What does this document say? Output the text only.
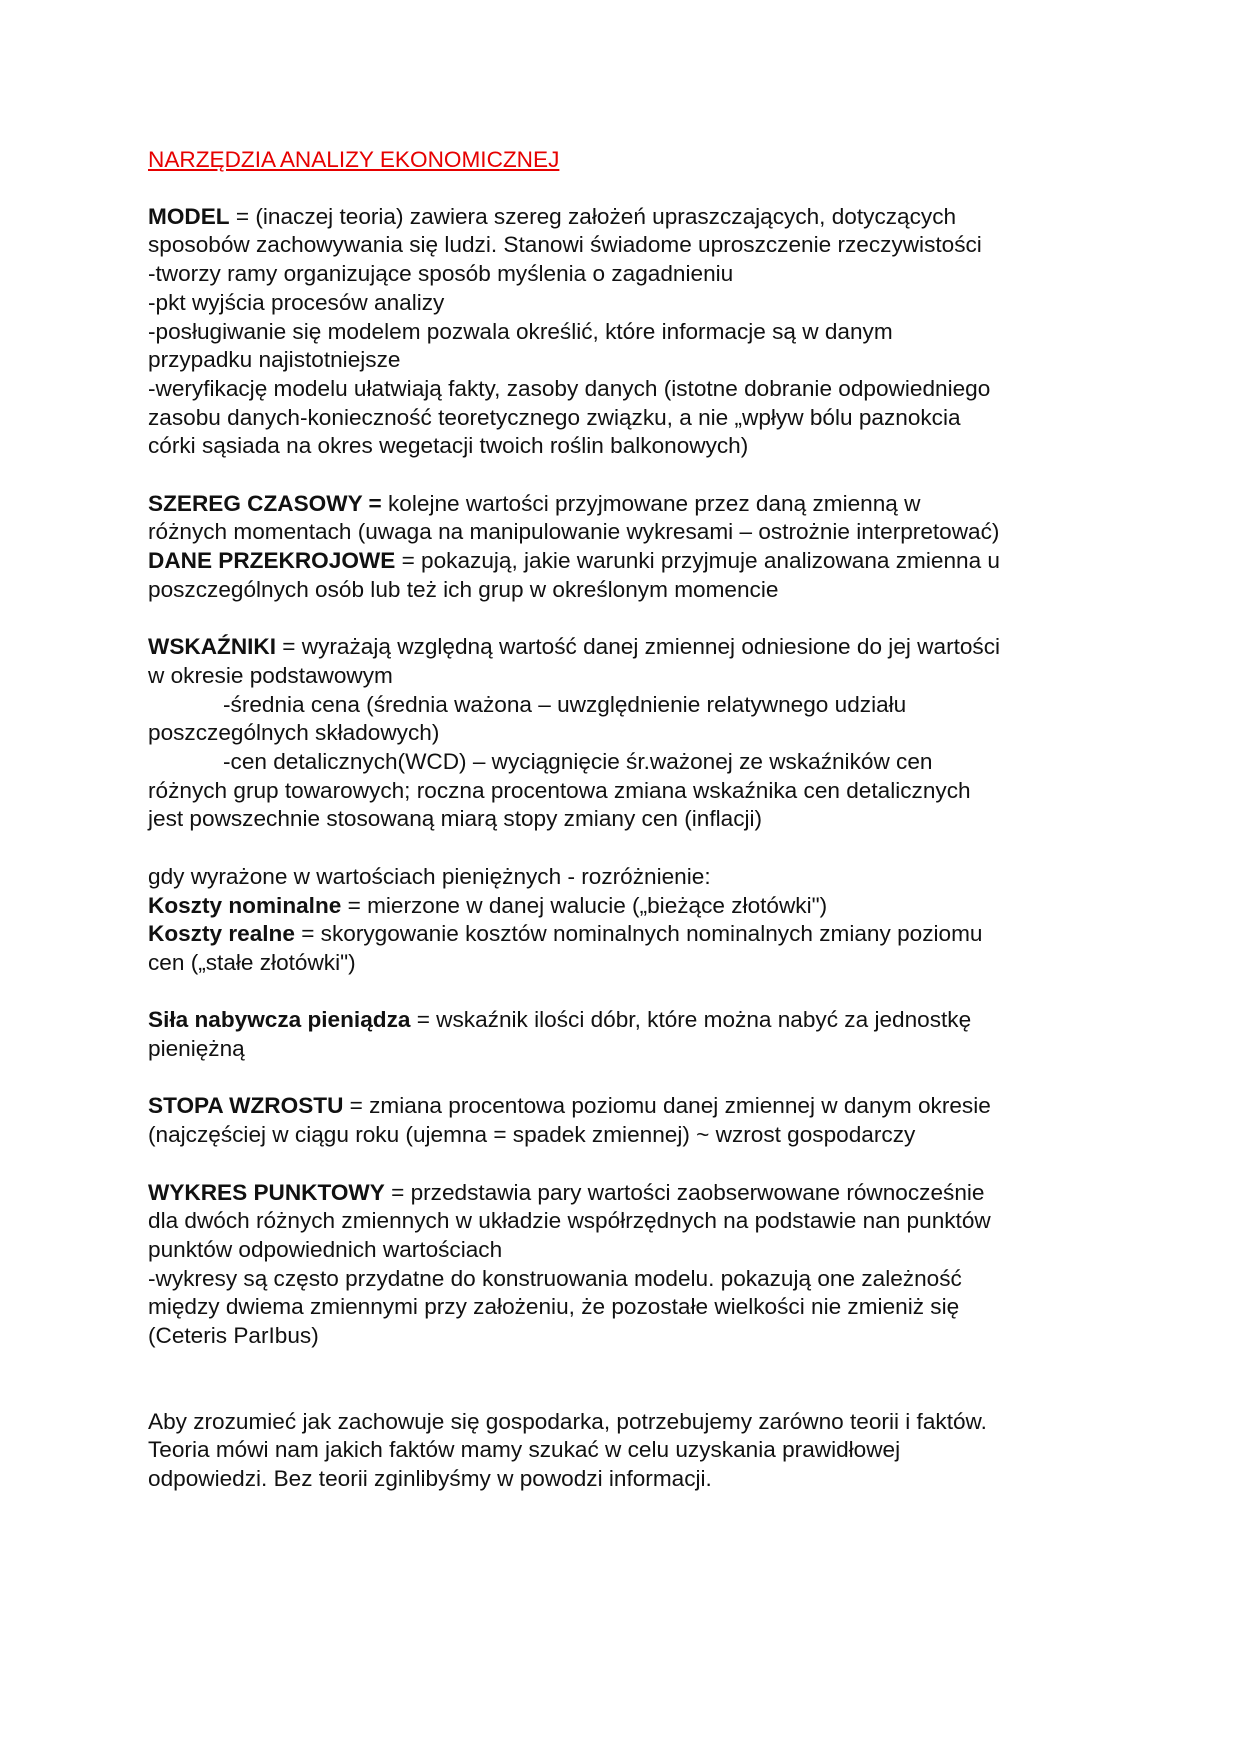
NARZĘDZIA ANALIZY EKONOMICZNEJ
MODEL = (inaczej teoria) zawiera szereg założeń upraszczających, dotyczących
sposobów zachowywania się ludzi. Stanowi świadome uproszczenie rzeczywistości
-tworzy ramy organizujące sposób myślenia o zagadnieniu
-pkt wyjścia procesów analizy
-posługiwanie się modelem pozwala określić, które informacje są w danym
przypadku najistotniejsze
-weryfikację modelu ułatwiają fakty, zasoby danych (istotne dobranie odpowiedniego
zasobu danych-konieczność teoretycznego związku, a nie „wpływ bólu paznokcia
córki sąsiada na okres wegetacji twoich roślin balkonowych)
SZEREG CZASOWY = kolejne wartości przyjmowane przez daną zmienną w
różnych momentach (uwaga na manipulowanie wykresami – ostrożnie interpretować)
DANE PRZEKROJOWE = pokazują, jakie warunki przyjmuje analizowana zmienna u
poszczególnych osób lub też ich grup w określonym momencie
WSKAŹNIKI = wyrażają względną wartość danej zmiennej odniesione do jej wartości
w okresie podstawowym
-średnia cena (średnia ważona – uwzględnienie relatywnego udziału
poszczególnych składowych)
-cen detalicznych(WCD) – wyciągnięcie śr.ważonej ze wskaźników cen
różnych grup towarowych; roczna procentowa zmiana wskaźnika cen detalicznych
jest powszechnie stosowaną miarą stopy zmiany cen (inflacji)
gdy wyrażone w wartościach pieniężnych - rozróżnienie:
Koszty nominalne = mierzone w danej walucie („bieżące złotówki")
Koszty realne = skorygowanie kosztów nominalnych nominalnych zmiany poziomu
cen („stałe złotówki")
Siła nabywcza pieniądza = wskaźnik ilości dóbr, które można nabyć za jednostkę
pieniężną
STOPA WZROSTU = zmiana procentowa poziomu danej zmiennej w danym okresie
(najczęściej w ciągu roku (ujemna = spadek zmiennej) ~ wzrost gospodarczy
WYKRES PUNKTOWY = przedstawia pary wartości zaobserwowane równocześnie
dla dwóch różnych zmiennych w układzie współrzędnych na podstawie nan punktów
punktów odpowiednich wartościach
-wykresy są często przydatne do konstruowania modelu. pokazują one zależność
między dwiema zmiennymi przy założeniu, że pozostałe wielkości nie zmieniż się
(Ceteris ParIbus)
Aby zrozumieć jak zachowuje się gospodarka, potrzebujemy zarówno teorii i faktów.
Teoria mówi nam jakich faktów mamy szukać w celu uzyskania prawidłowej
odpowiedzi. Bez teorii zginlibyśmy w powodzi informacji.
